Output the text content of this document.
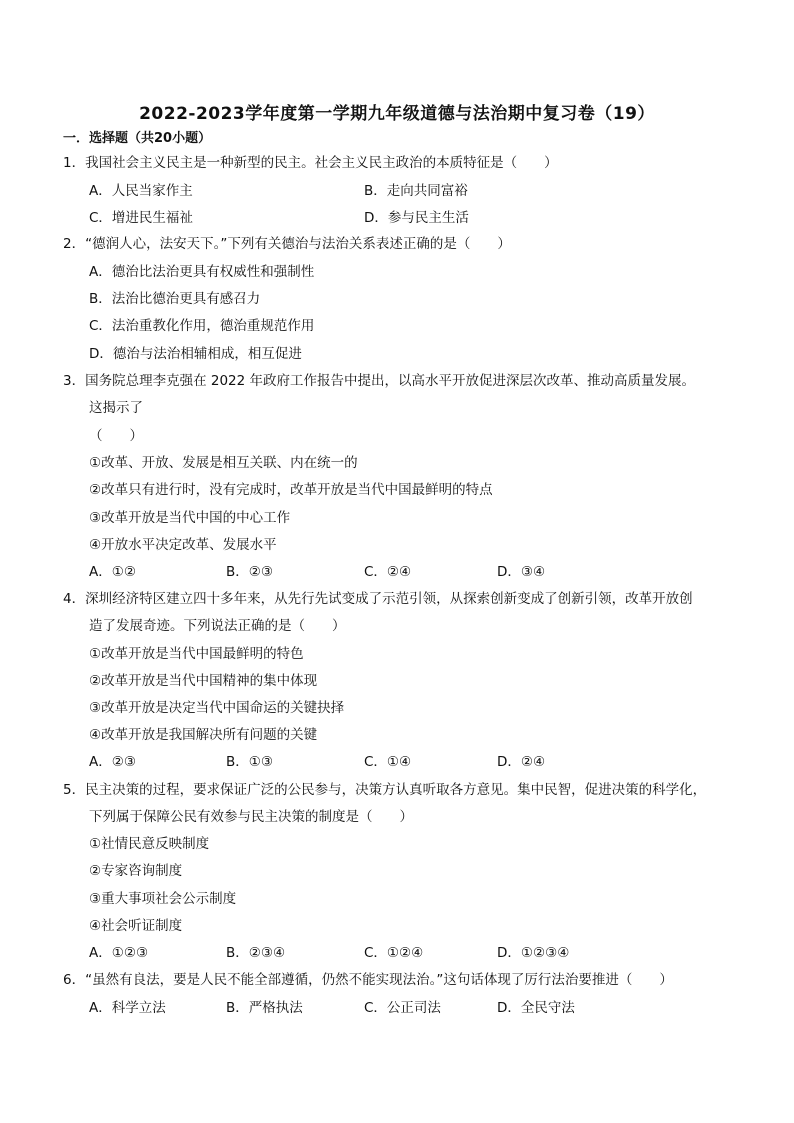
2022-2023学年度第一学期九年级道德与法治期中复习卷（19）
一．选择题（共20小题）
1．我国社会主义民主是一种新型的民主。社会主义民主政治的本质特征是（　　）
A．人民当家作主	B．走向共同富裕
C．增进民生福祉	D．参与民主生活
2．“德润人心，法安天下。”下列有关德治与法治关系表述正确的是（　　）
A．德治比法治更具有权威性和强制性
B．法治比德治更具有感召力
C．法治重教化作用，德治重规范作用
D．德治与法治相辅相成，相互促进
3．国务院总理李克强在 2022 年政府工作报告中提出，以高水平开放促进深层次改革、推动高质量发展。
这揭示了
（　　）
①改革、开放、发展是相互关联、内在统一的
②改革只有进行时，没有完成时，改革开放是当代中国最鲜明的特点
③改革开放是当代中国的中心工作
④开放水平决定改革、发展水平
A．①②	B．②③	C．②④	D．③④
4．深圳经济特区建立四十多年来，从先行先试变成了示范引领，从探索创新变成了创新引领，改革开放创
造了发展奇迹。下列说法正确的是（　　）
①改革开放是当代中国最鲜明的特色
②改革开放是当代中国精神的集中体现
③改革开放是决定当代中国命运的关键抉择
④改革开放是我国解决所有问题的关键
A．②③	B．①③	C．①④	D．②④
5．民主决策的过程，要求保证广泛的公民参与，决策方认真听取各方意见。集中民智，促进决策的科学化，
下列属于保障公民有效参与民主决策的制度是（　　）
①社情民意反映制度
②专家咨询制度
③重大事项社会公示制度
④社会听证制度
A．①②③	B．②③④	C．①②④	D．①②③④
6．“虽然有良法，要是人民不能全部遵循，仍然不能实现法治。”这句话体现了厉行法治要推进（　　）
A．科学立法	B．严格执法	C．公正司法	D．全民守法
